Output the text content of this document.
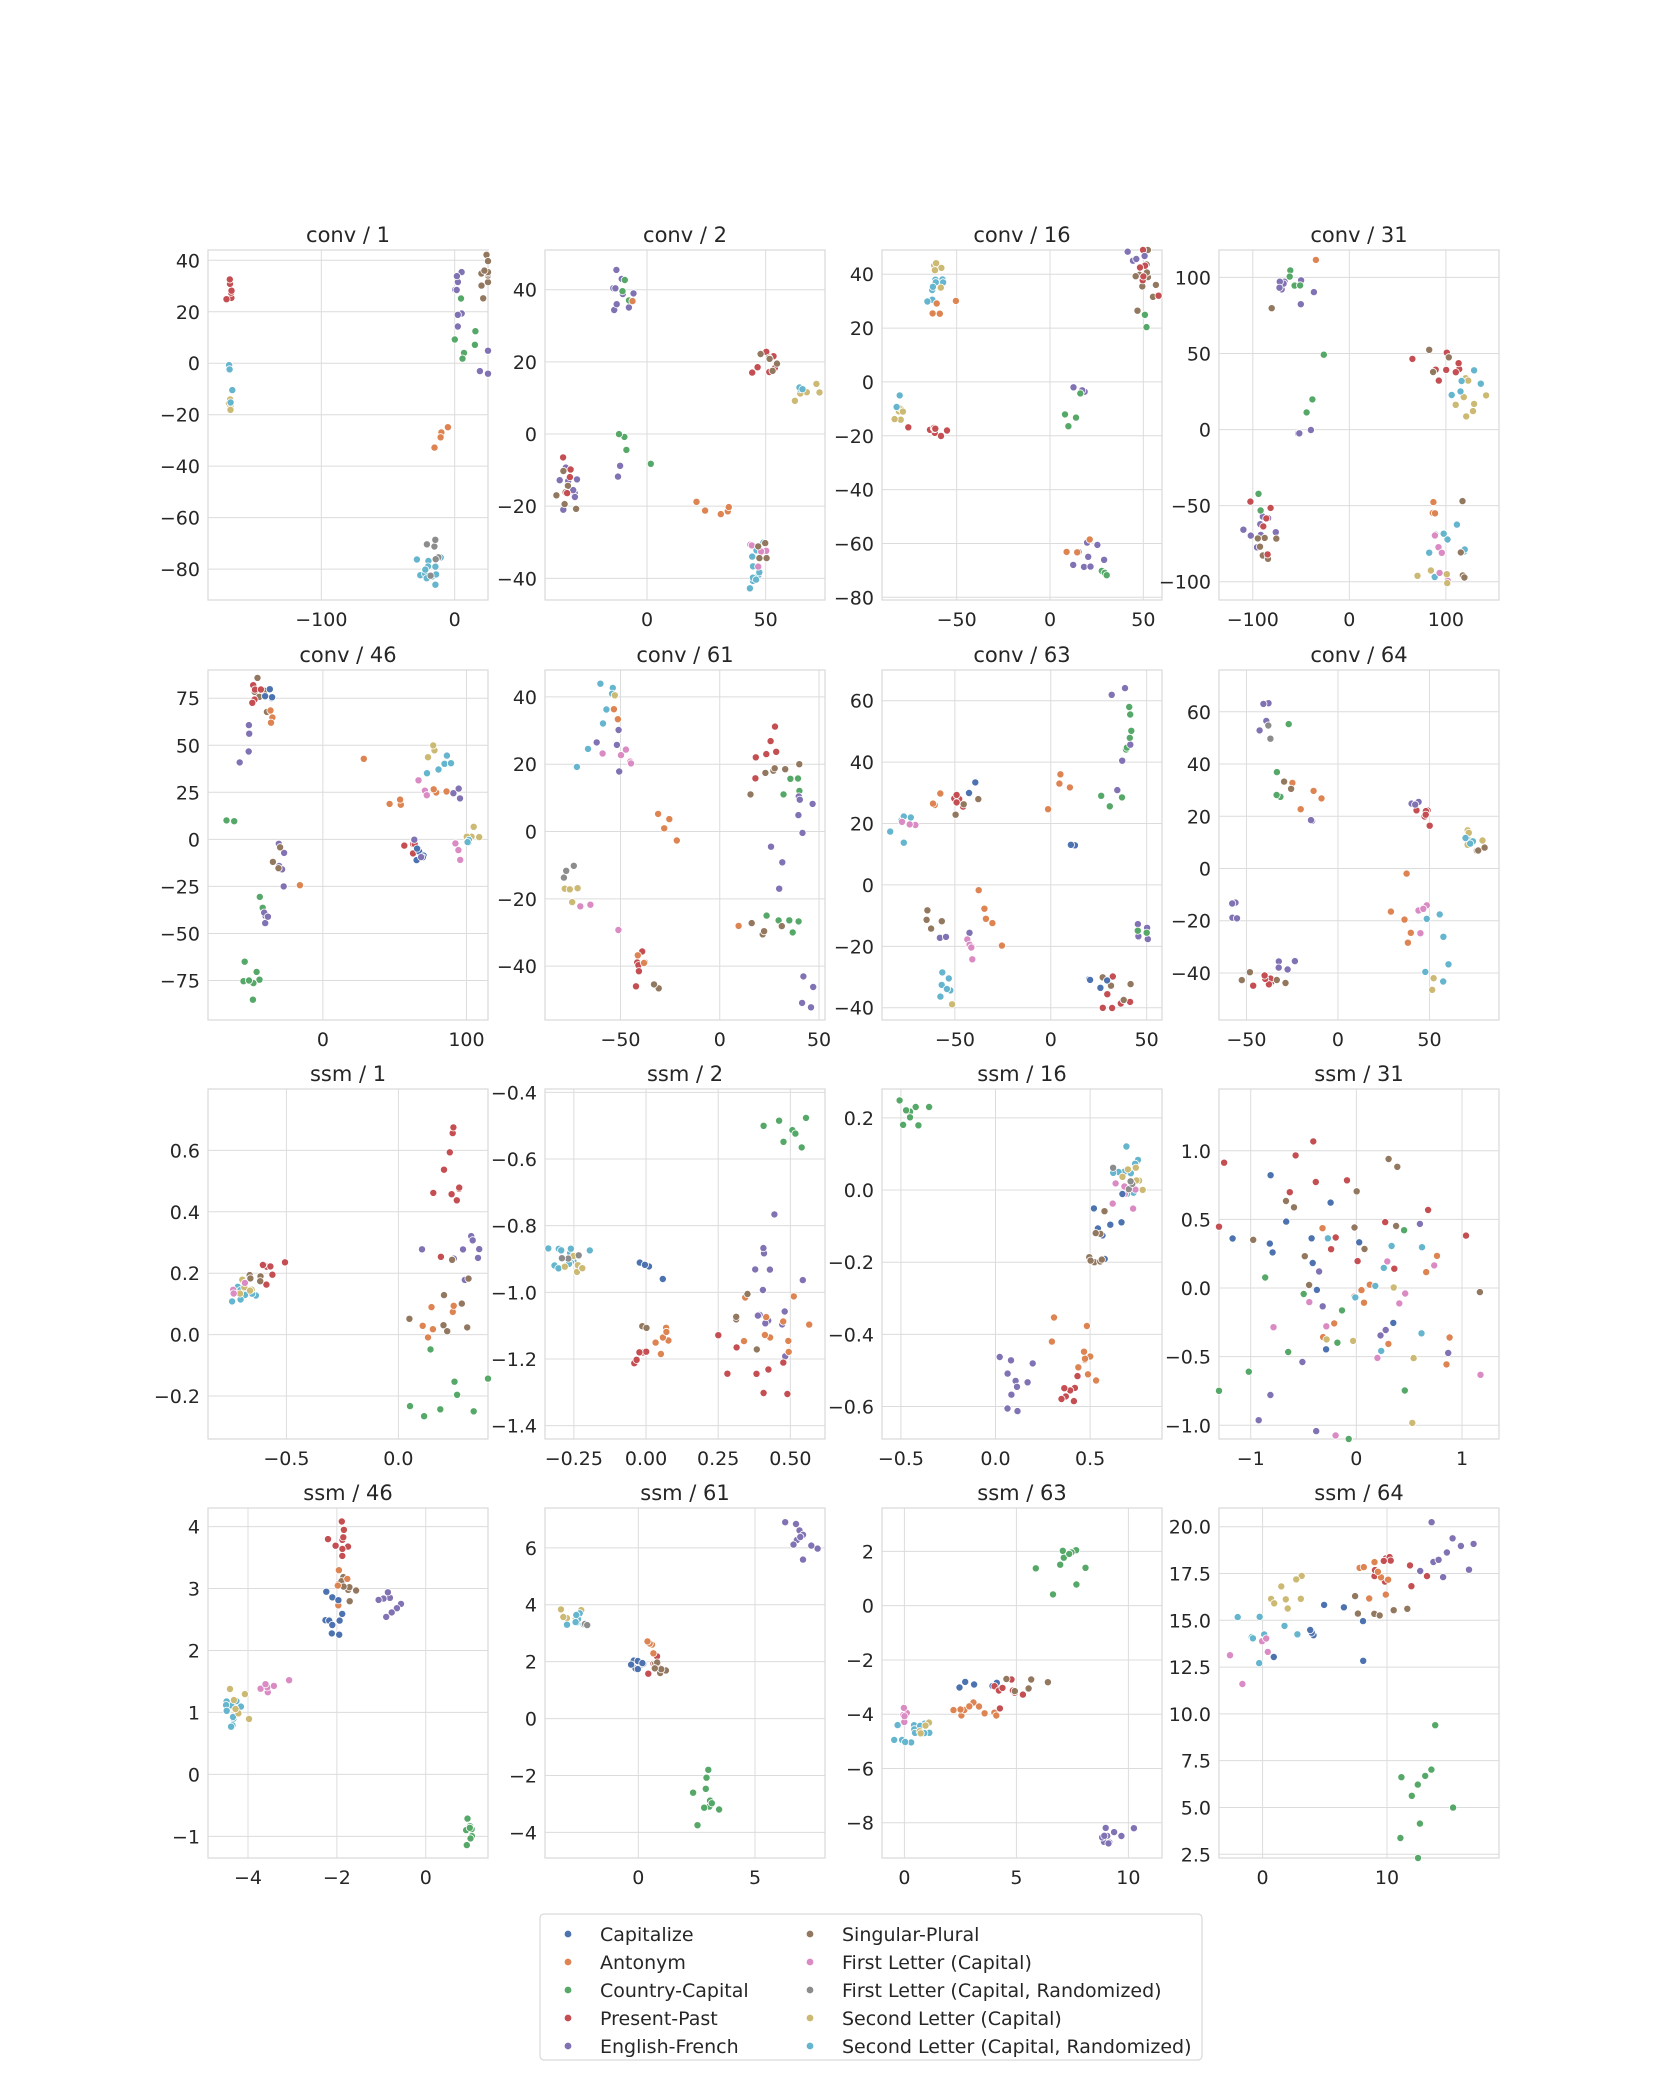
−100	0
−80
−60
−40
−20
0
20
40
conv / 1
0	50
−40
−20
0
20
40
conv / 2
−50	0	50
−80
−60
−40
−20
0
20
40
conv / 16
−100	0	100
−100
−50
0
50
100
conv / 31
0	100
−75
−50
−25
0
25
50
75
conv / 46
−50	0	50
−40
−20
0
20
40
conv / 61
−50	0	50
−40
−20
0
20
40
60
conv / 63
−50	0	50
−40
−20
0
20
40
60
conv / 64
−0.5	0.0
−0.2
0.0
0.2
0.4
0.6
ssm / 1
−0.25 0.00 0.25 0.50
−1.4
−1.2
−1.0
−0.8
−0.6
−0.4
ssm / 2
−0.5	0.0	0.5
−0.6
−0.4
−0.2
0.0
0.2
ssm / 16
−1	0	1
−1.0
−0.5
0.0
0.5
1.0
ssm / 31
−4	−2	0
−1
0
1
2
3
4
ssm / 46
0	5
−4
−2
0
2
4
6
ssm / 61
0	5	10
−8
−6
−4
−2
0
2
ssm / 63
0	10
2.5
5.0
7.5
10.0
12.5
15.0
17.5
20.0
ssm / 64
Capitalize
Antonym
Country-Capital
Present-Past
English-French
Singular-Plural
First Letter (Capital)
First Letter (Capital, Randomized)
Second Letter (Capital)
Second Letter (Capital, Randomized)
